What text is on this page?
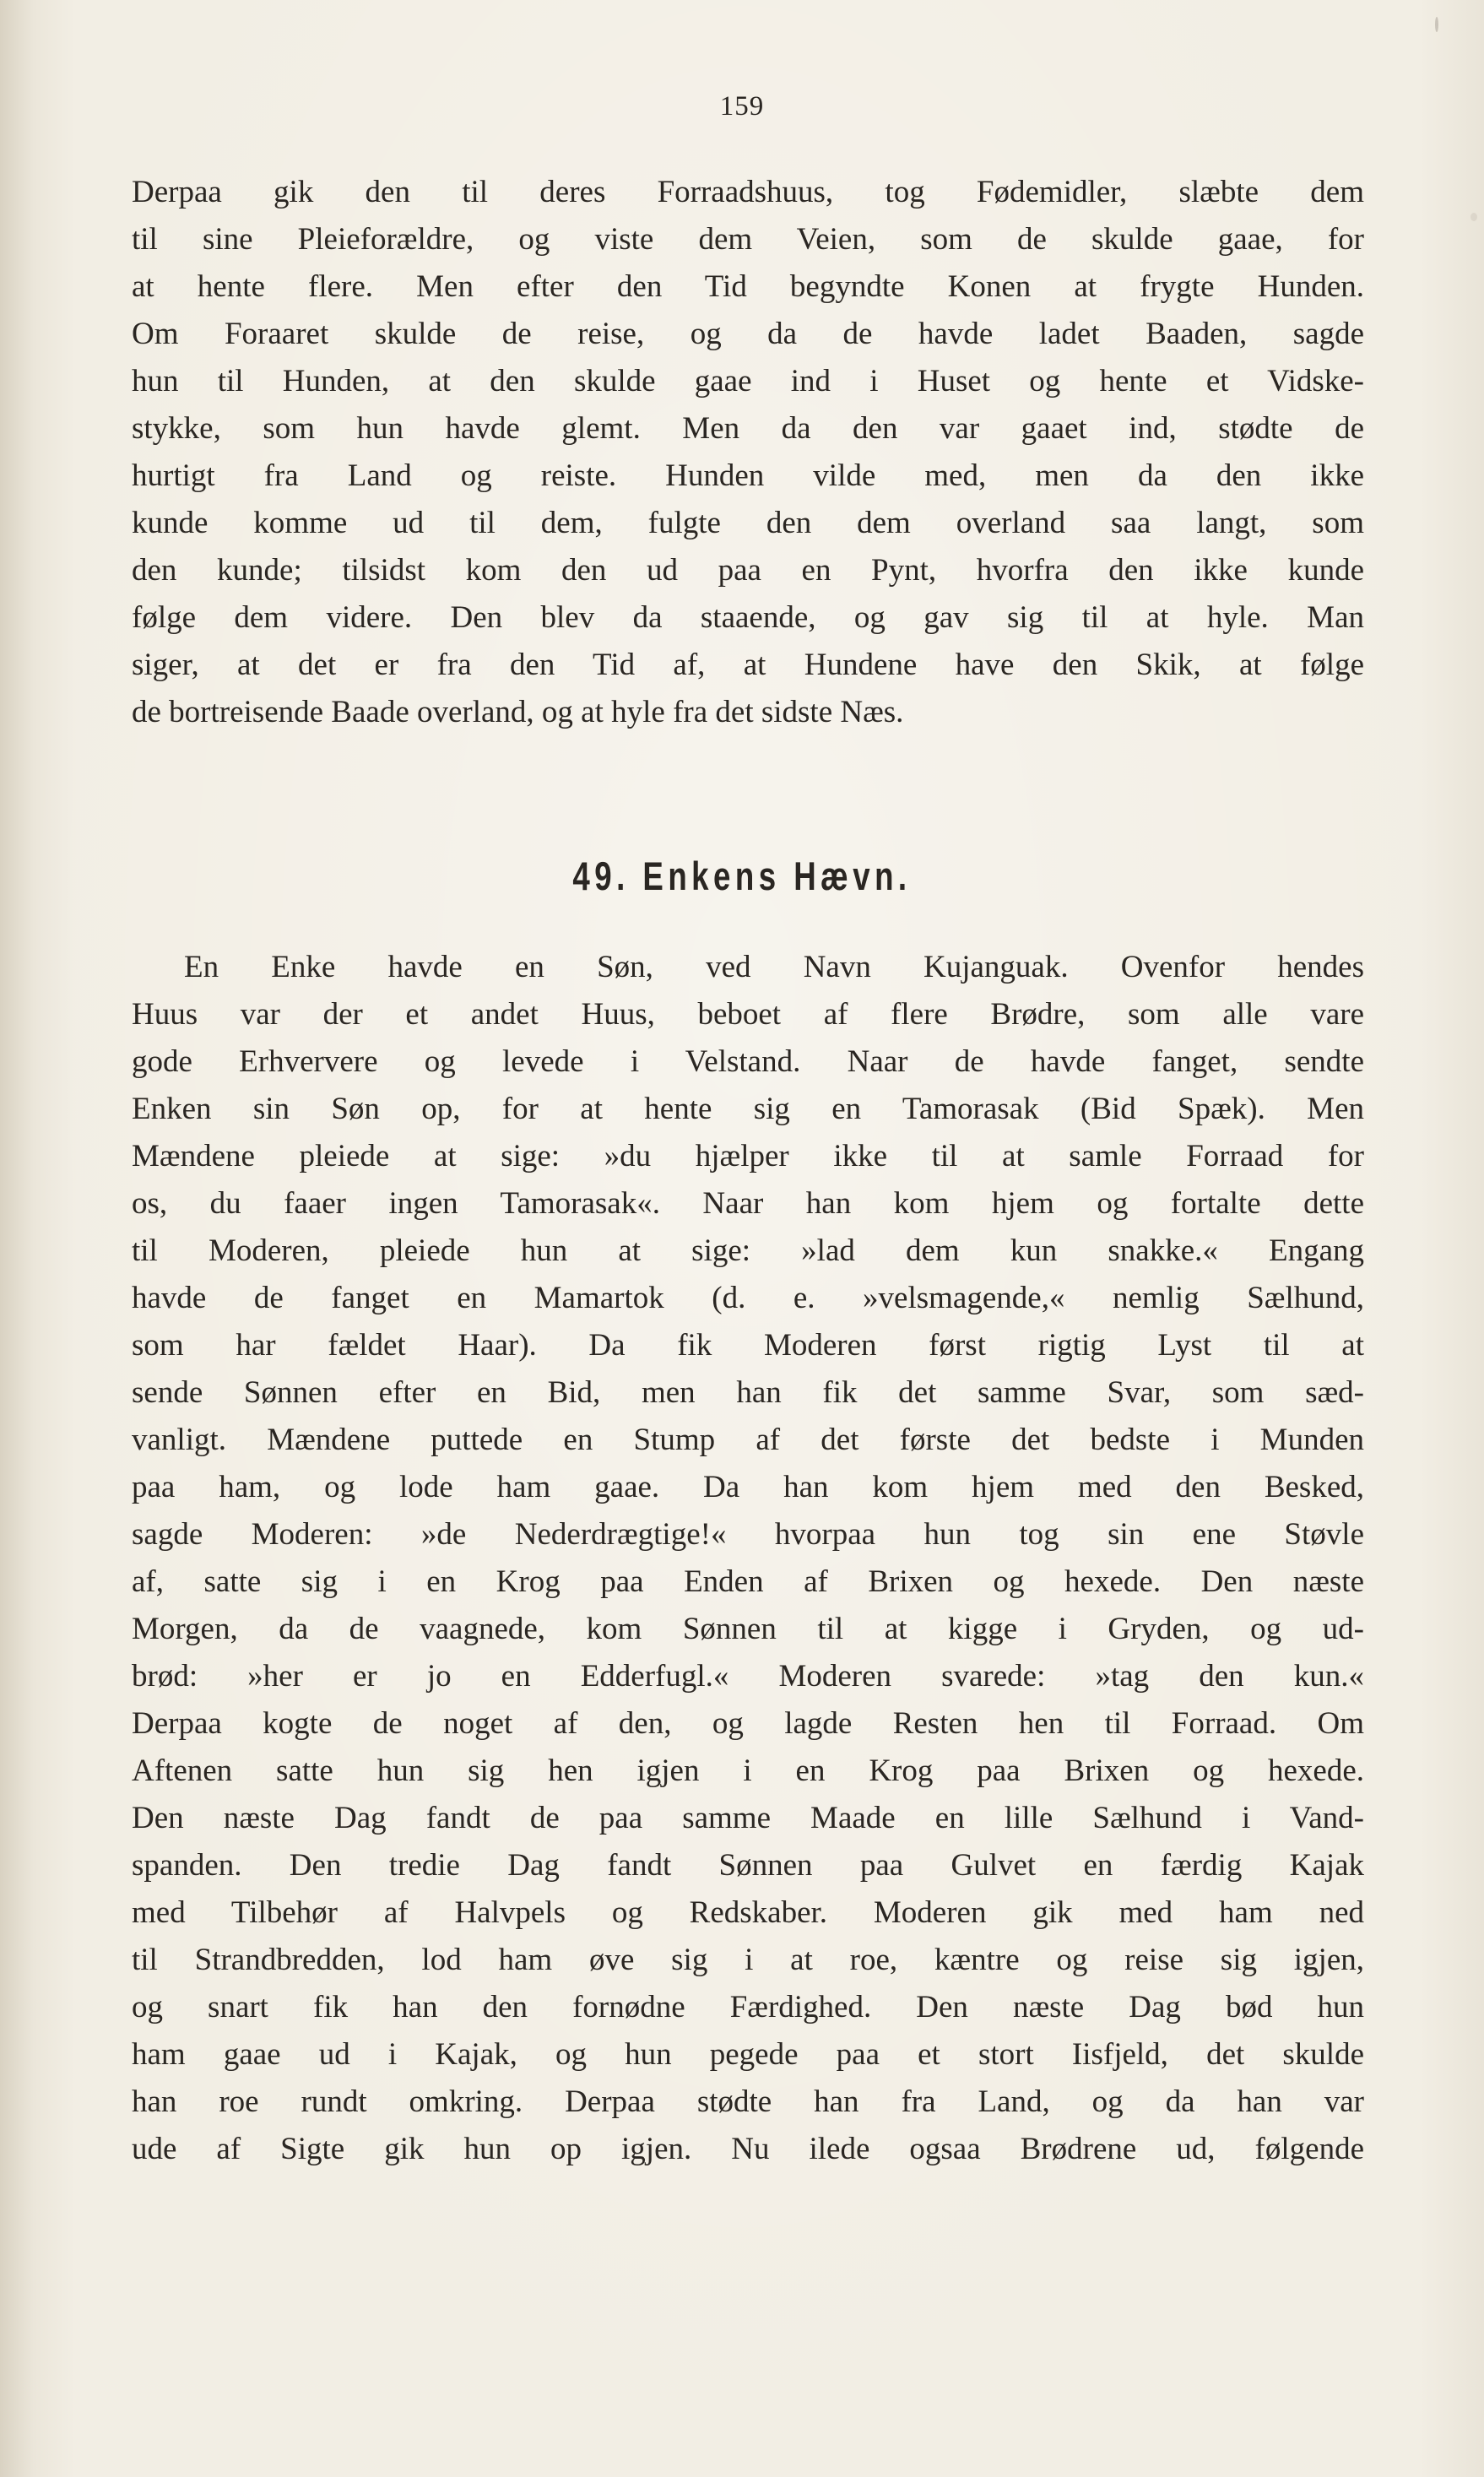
159
Derpaa gik den til deres Forraadshuus, tog Fødemidler, slæbte dem
til sine Pleieforældre, og viste dem Veien, som de skulde gaae, for
at hente flere. Men efter den Tid begyndte Konen at frygte Hunden.
Om Foraaret skulde de reise, og da de havde ladet Baaden, sagde
hun til Hunden, at den skulde gaae ind i Huset og hente et Vidske-
stykke, som hun havde glemt. Men da den var gaaet ind, stødte de
hurtigt fra Land og reiste. Hunden vilde med, men da den ikke
kunde komme ud til dem, fulgte den dem overland saa langt, som
den kunde; tilsidst kom den ud paa en Pynt, hvorfra den ikke kunde
følge dem videre. Den blev da staaende, og gav sig til at hyle. Man
siger, at det er fra den Tid af, at Hundene have den Skik, at følge
de bortreisende Baade overland, og at hyle fra det sidste Næs.
49. Enkens Hævn.
En Enke havde en Søn, ved Navn Kujanguak. Ovenfor hendes
Huus var der et andet Huus, beboet af flere Brødre, som alle vare
gode Erhververe og levede i Velstand. Naar de havde fanget, sendte
Enken sin Søn op, for at hente sig en Tamorasak (Bid Spæk). Men
Mændene pleiede at sige: »du hjælper ikke til at samle Forraad for
os, du faaer ingen Tamorasak«. Naar han kom hjem og fortalte dette
til Moderen, pleiede hun at sige: »lad dem kun snakke.« Engang
havde de fanget en Mamartok (d. e. »velsmagende,« nemlig Sælhund,
som har fældet Haar). Da fik Moderen først rigtig Lyst til at
sende Sønnen efter en Bid, men han fik det samme Svar, som sæd-
vanligt. Mændene puttede en Stump af det første det bedste i Munden
paa ham, og lode ham gaae. Da han kom hjem med den Besked,
sagde Moderen: »de Nederdrægtige!« hvorpaa hun tog sin ene Støvle
af, satte sig i en Krog paa Enden af Brixen og hexede. Den næste
Morgen, da de vaagnede, kom Sønnen til at kigge i Gryden, og ud-
brød: »her er jo en Edderfugl.« Moderen svarede: »tag den kun.«
Derpaa kogte de noget af den, og lagde Resten hen til Forraad. Om
Aftenen satte hun sig hen igjen i en Krog paa Brixen og hexede.
Den næste Dag fandt de paa samme Maade en lille Sælhund i Vand-
spanden. Den tredie Dag fandt Sønnen paa Gulvet en færdig Kajak
med Tilbehør af Halvpels og Redskaber. Moderen gik med ham ned
til Strandbredden, lod ham øve sig i at roe, kæntre og reise sig igjen,
og snart fik han den fornødne Færdighed. Den næste Dag bød hun
ham gaae ud i Kajak, og hun pegede paa et stort Iisfjeld, det skulde
han roe rundt omkring. Derpaa stødte han fra Land, og da han var
ude af Sigte gik hun op igjen. Nu ilede ogsaa Brødrene ud, følgende
